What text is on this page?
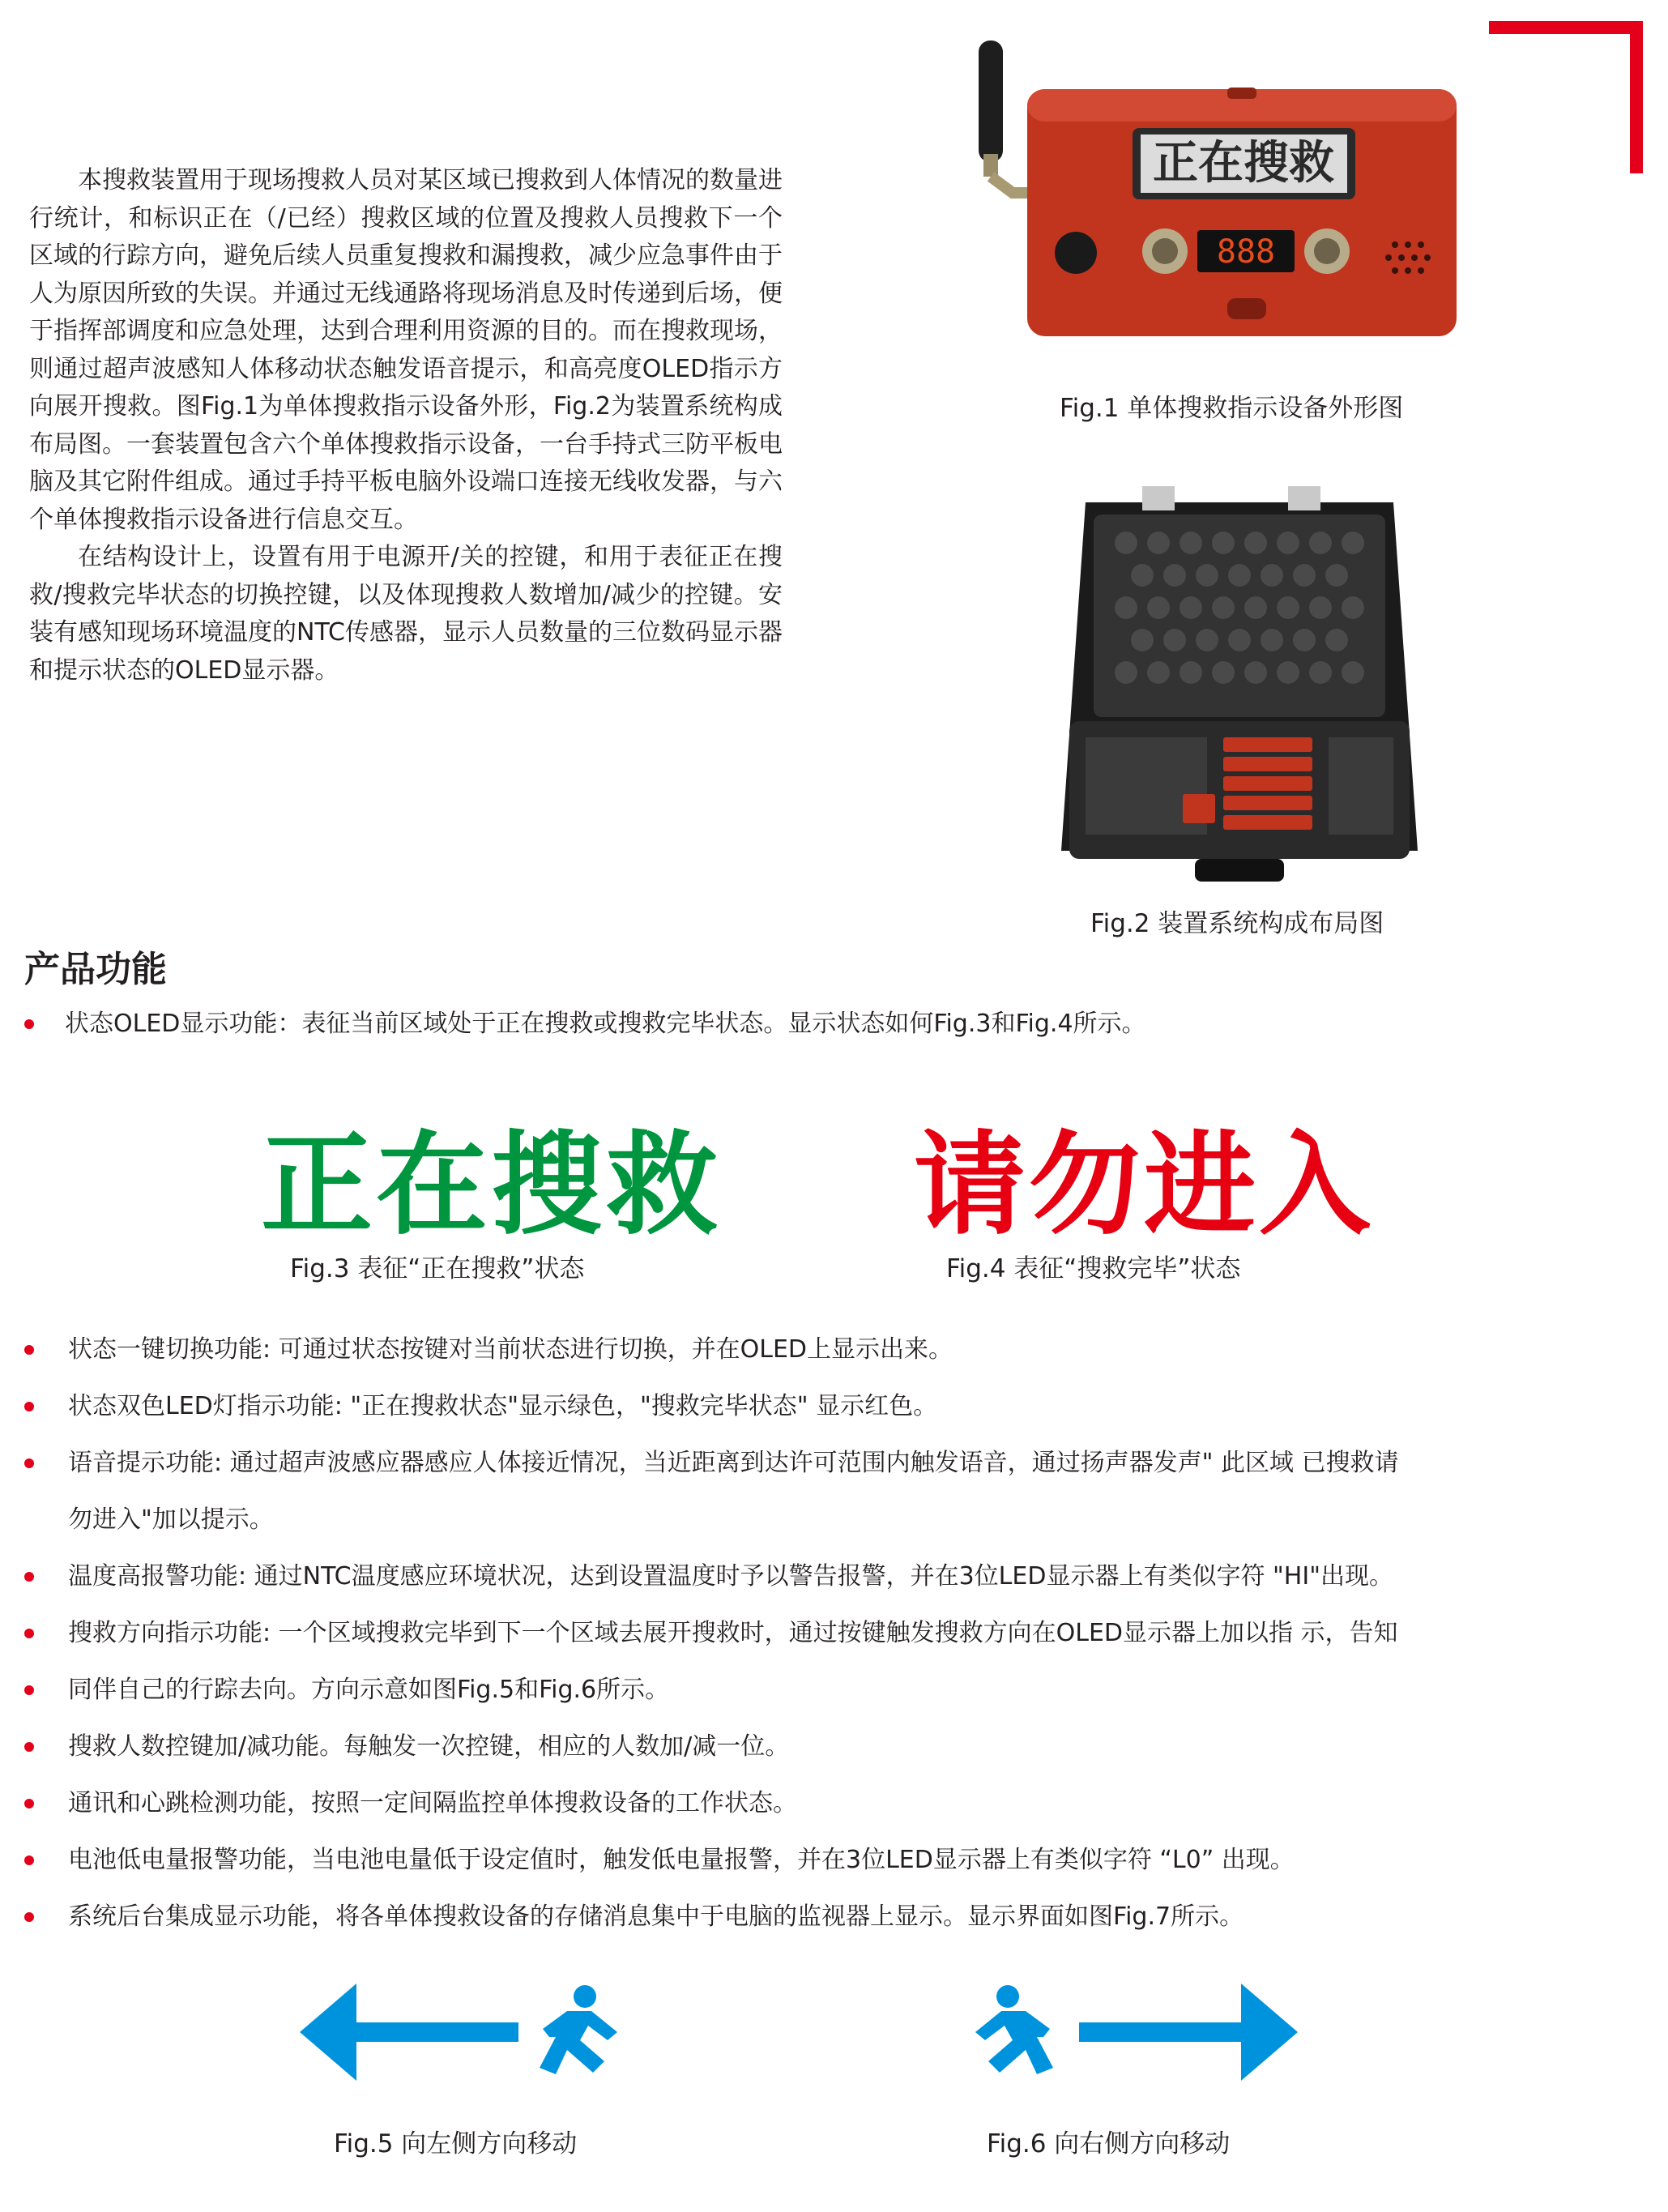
本搜救装置用于现场搜救人员对某区域已搜救到人体情况的数量进行统计，和标识正在（/已经）搜救区域的位置及搜救人员搜救下一个区域的行踪方向，避免后续人员重复搜救和漏搜救，减少应急事件由于人为原因所致的失误。并通过无线通路将现场消息及时传递到后场，便于指挥部调度和应急处理，达到合理利用资源的目的。而在搜救现场，则通过超声波感知人体移动状态触发语音提示，和高亮度OLED指示方向展开搜救。图Fig.1为单体搜救指示设备外形，Fig.2为装置系统构成布局图。一套装置包含六个单体搜救指示设备，一台手持式三防平板电脑及其它附件组成。通过手持平板电脑外设端口连接无线收发器，与六个单体搜救指示设备进行信息交互。

在结构设计上，设置有用于电源开/关的控键，和用于表征正在搜救/搜救完毕状态的切换控键，以及体现搜救人数增加/减少的控键。安装有感知现场环境温度的NTC传感器，显示人员数量的三位数码显示器和提示状态的OLED显示器。

正在搜救
888
Fig.1 单体搜救指示设备外形图
Fig.2 装置系统构成布局图
产品功能
状态OLED显示功能：表征当前区域处于正在搜救或搜救完毕状态。显示状态如何Fig.3和Fig.4所示。
正在搜救 请勿进入
Fig.3 表征“正在搜救”状态	Fig.4 表征“搜救完毕”状态
状态一键切换功能: 可通过状态按键对当前状态进行切换，并在OLED上显示出来。
状态双色LED灯指示功能: "正在搜救状态"显示绿色，"搜救完毕状态" 显示红色。
语音提示功能: 通过超声波感应器感应人体接近情况，当近距离到达许可范围内触发语音，通过扬声器发声" 此区域 已搜救请
勿进入"加以提示。
温度高报警功能: 通过NTC温度感应环境状况，达到设置温度时予以警告报警，并在3位LED显示器上有类似字符 "HI"出现。
搜救方向指示功能: 一个区域搜救完毕到下一个区域去展开搜救时，通过按键触发搜救方向在OLED显示器上加以指 示，告知
同伴自己的行踪去向。方向示意如图Fig.5和Fig.6所示。
搜救人数控键加/减功能。每触发一次控键，相应的人数加/减一位。
通讯和心跳检测功能，按照一定间隔监控单体搜救设备的工作状态。
电池低电量报警功能，当电池电量低于设定值时，触发低电量报警，并在3位LED显示器上有类似字符 “L0” 出现。
系统后台集成显示功能，将各单体搜救设备的存储消息集中于电脑的监视器上显示。显示界面如图Fig.7所示。
Fig.5 向左侧方向移动	Fig.6 向右侧方向移动
